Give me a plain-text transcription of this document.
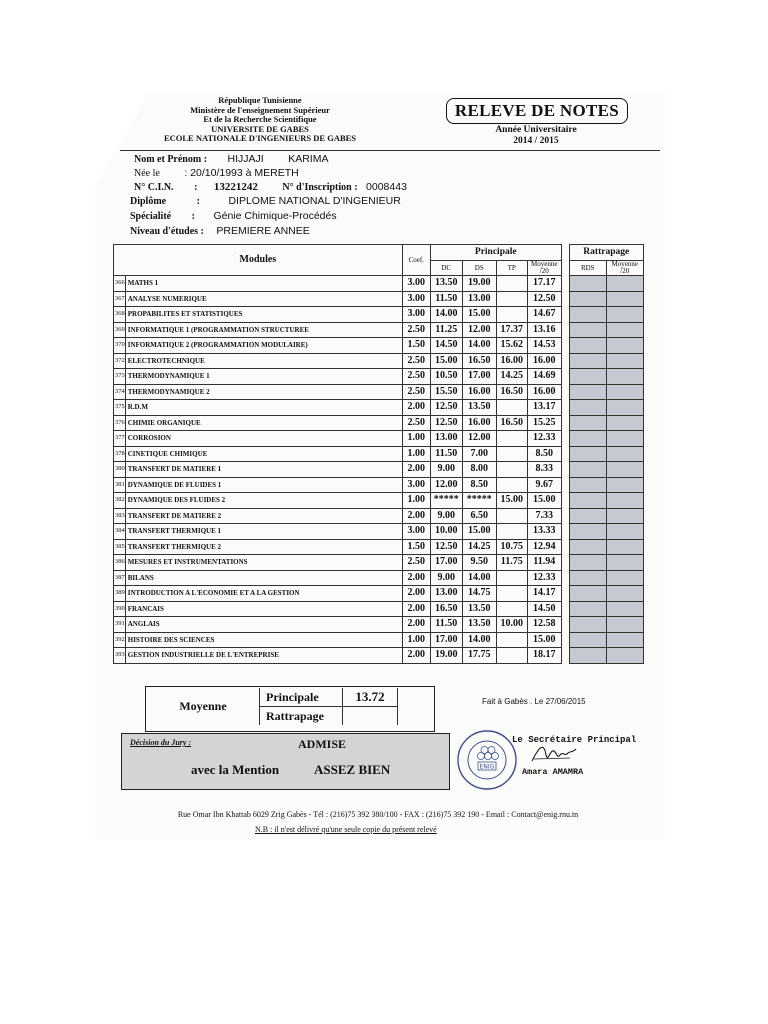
République Tunisienne
Ministère de l'enseignement Supérieur
Et de la Recherche Scientifique
UNIVERSITE DE GABES
ECOLE NATIONALE D'INGENIEURS DE GABES
RELEVE DE NOTES
Année Universitaire
2014 / 2015
Nom et Prénom : HIJJAJI KARIMA
Née le : 20/10/1993 à MERETH
N° C.I.N. : 13221242 N° d'Inscription : 0008443
Diplôme	:	DIPLOME NATIONAL D'INGENIEUR
Spécialité : Génie Chimique-Procédés
Niveau d'études : PREMIERE ANNEE
Modules		Coef.	Principale					Rattrapage	
			DC	DS	TP	Moyenne /20		RDS	Moyenne /20
366	MATHS 1	3.00	13.50	19.00		17.17			
367	ANALYSE NUMERIQUE	3.00	11.50	13.00		12.50			
368	PROPABILITES ET STATISTIQUES	3.00	14.00	15.00		14.67			
369	INFORMATIQUE 1 (PROGRAMMATION STRUCTUREE	2.50	11.25	12.00	17.37	13.16			
370	INFORMATIQUE 2 (PROGRAMMATION MODULAIRE)	1.50	14.50	14.00	15.62	14.53			
372	ELECTROTECHNIQUE	2.50	15.00	16.50	16.00	16.00			
373	THERMODYNAMIQUE 1	2.50	10.50	17.00	14.25	14.69			
374	THERMODYNAMIQUE 2	2.50	15.50	16.00	16.50	16.00			
375	R.D.M	2.00	12.50	13.50		13.17			
376	CHIMIE ORGANIQUE	2.50	12.50	16.00	16.50	15.25			
377	CORROSION	1.00	13.00	12.00		12.33			
378	CINETIQUE CHIMIQUE	1.00	11.50	7.00		8.50			
380	TRANSFERT DE MATIERE 1	2.00	9.00	8.00		8.33			
381	DYNAMIQUE DE FLUIDES 1	3.00	12.00	8.50		9.67			
382	DYNAMIQUE DES FLUIDES 2	1.00	*****	*****	15.00	15.00			
383	TRANSFERT DE MATIERE 2	2.00	9.00	6.50		7.33			
384	TRANSFERT THERMIQUE 1	3.00	10.00	15.00		13.33			
385	TRANSFERT THERMIQUE 2	1.50	12.50	14.25	10.75	12.94			
386	MESURES ET INSTRUMENTATIONS	2.50	17.00	9.50	11.75	11.94			
387	BILANS	2.00	9.00	14.00		12.33			
389	INTRODUCTION A L'ECONOMIE ET A LA GESTION	2.00	13.00	14.75		14.17			
390	FRANCAIS	2.00	16.50	13.50		14.50			
391	ANGLAIS	2.00	11.50	13.50	10.00	12.58			
392	HISTOIRE DES SCIENCES	1.00	17.00	14.00		15.00			
393	GESTION INDUSTRIELLE DE L'ENTREPRISE	2.00	19.00	17.75		18.17			
Moyenne	Principale	13.72
	Rattrapage	
Fait à Gabès . Le 27/06/2015
Décision du Jury :	ADMISE
avec la Mention	ASSEZ BIEN
Le Secrétaire Principal
ENIG	Amara AMAMRA
Rue Omar Ibn Khattab 6029 Zrig Gabès - Tél : (216)75 392 380/100 - FAX : (216)75 392 190 - Email : Contact@enig.rnu.tn
N.B : il n'est délivré qu'une seule copie du présent relevé
